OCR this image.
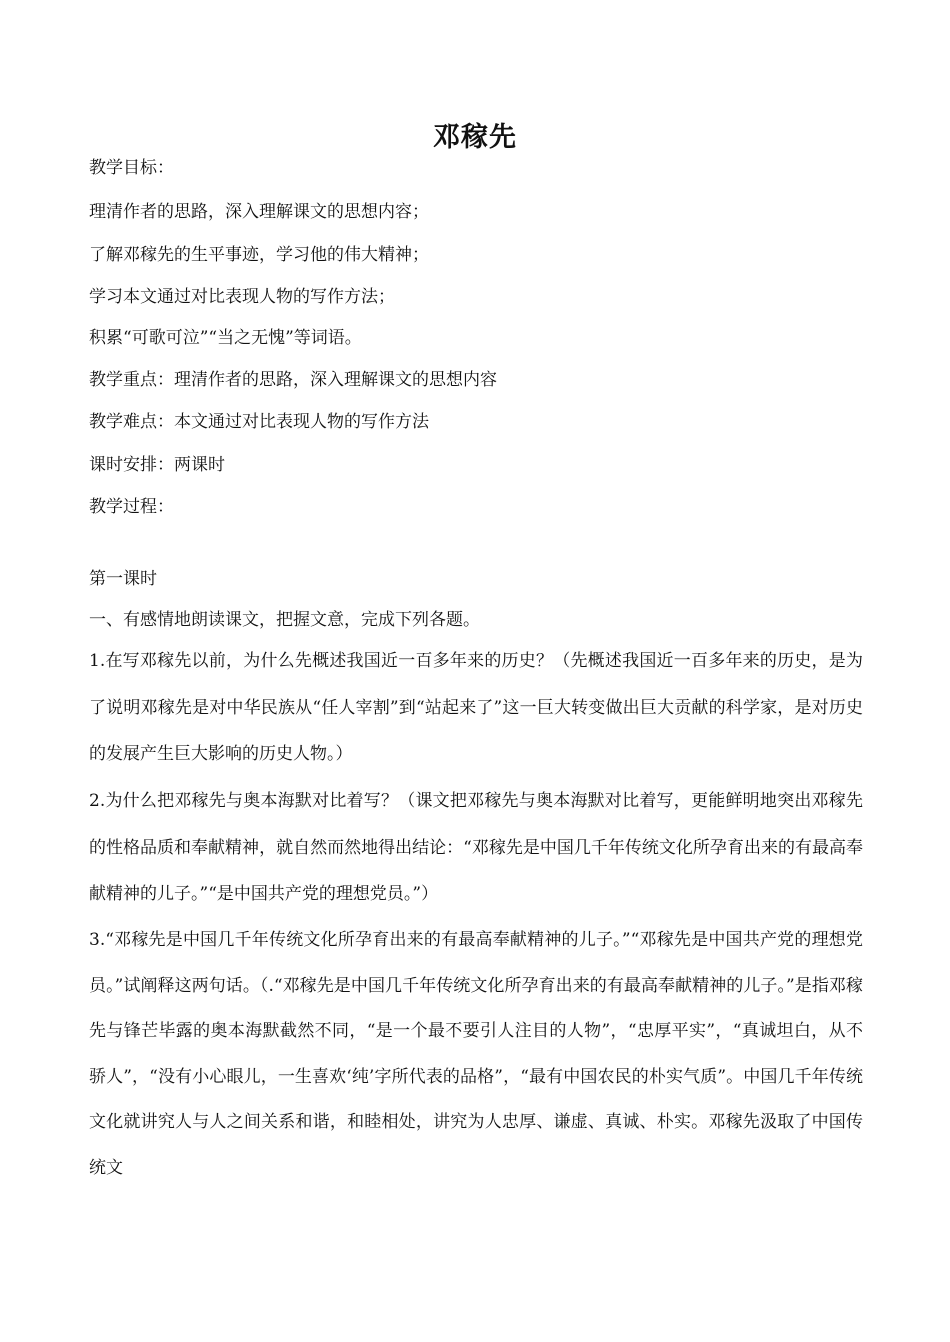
邓稼先
教学目标：
理清作者的思路，深入理解课文的思想内容；
了解邓稼先的生平事迹，学习他的伟大精神；
学习本文通过对比表现人物的写作方法；
积累“可歌可泣”“当之无愧”等词语。
教学重点：理清作者的思路，深入理解课文的思想内容
教学难点：本文通过对比表现人物的写作方法
课时安排：两课时
教学过程：
第一课时
一、有感情地朗读课文，把握文意，完成下列各题。
1.在写邓稼先以前，为什么先概述我国近一百多年来的历史？（先概述我国近一百多年来的历史，是为了说明邓稼先是对中华民族从“任人宰割”到“站起来了”这一巨大转变做出巨大贡献的科学家，是对历史的发展产生巨大影响的历史人物。）
2.为什么把邓稼先与奥本海默对比着写？（课文把邓稼先与奥本海默对比着写，更能鲜明地突出邓稼先的性格品质和奉献精神，就自然而然地得出结论：“邓稼先是中国几千年传统文化所孕育出来的有最高奉献精神的儿子。”“是中国共产党的理想党员。”）
3.“邓稼先是中国几千年传统文化所孕育出来的有最高奉献精神的儿子。”“邓稼先是中国共产党的理想党员。”试阐释这两句话。（.“邓稼先是中国几千年传统文化所孕育出来的有最高奉献精神的儿子。”是指邓稼先与锋芒毕露的奥本海默截然不同，“是一个最不要引人注目的人物”，“忠厚平实”，“真诚坦白，从不骄人”，“没有小心眼儿，一生喜欢‘纯’字所代表的品格”，“最有中国农民的朴实气质”。中国几千年传统文化就讲究人与人之间关系和谐，和睦相处，讲究为人忠厚、谦虚、真诚、朴实。邓稼先汲取了中国传统文
